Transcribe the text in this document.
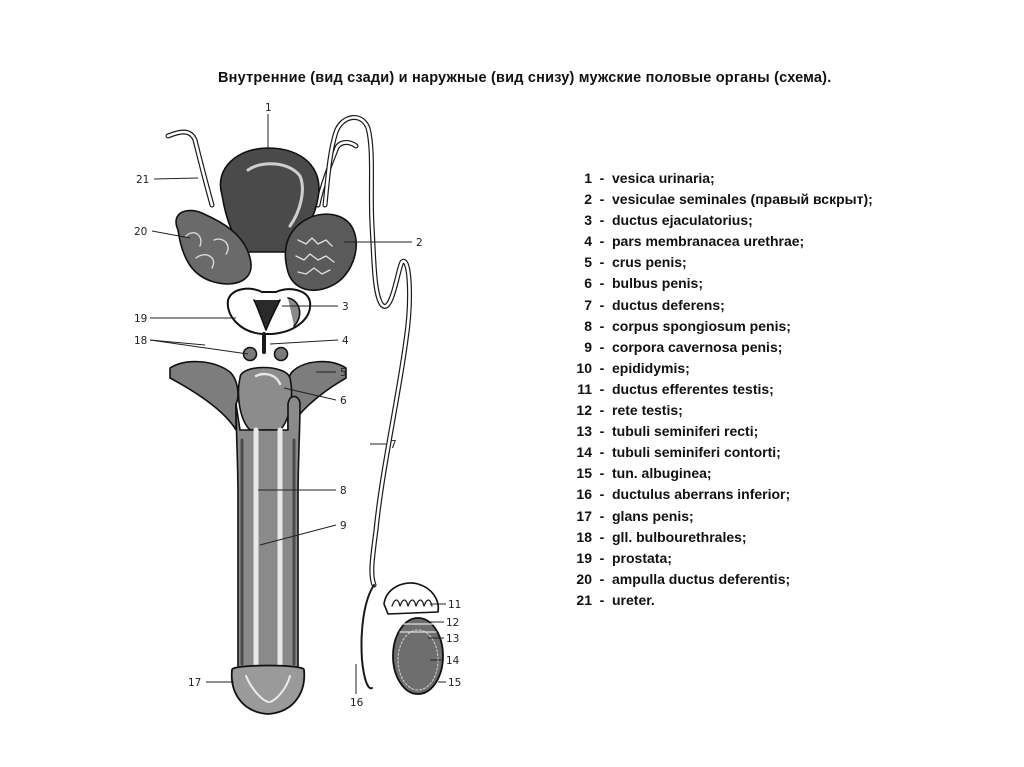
Внутренние (вид сзади) и наружные (вид снизу) мужские половые органы (схема).
21
20
1
2
19
3
18	4
5
6
7
8
9
11
12
13
14
15
16
17
1 - vesica urinaria;
2 - vesiculae seminales (правый вскрыт);
3 - ductus ejaculatorius;
4 - pars membranacea urethrae;
5 - crus penis;
6 - bulbus penis;
7 - ductus deferens;
8 - corpus spongiosum penis;
9 - corpora cavernosa penis;
10 - epididymis;
11 - ductus efferentes testis;
12 - rete testis;
13 - tubuli seminiferi recti;
14 - tubuli seminiferi contorti;
15 - tun. albuginea;
16 - ductulus aberrans inferior;
17 - glans penis;
18 - gll. bulbourethrales;
19 - prostata;
20 - ampulla ductus deferentis;
21 - ureter.
